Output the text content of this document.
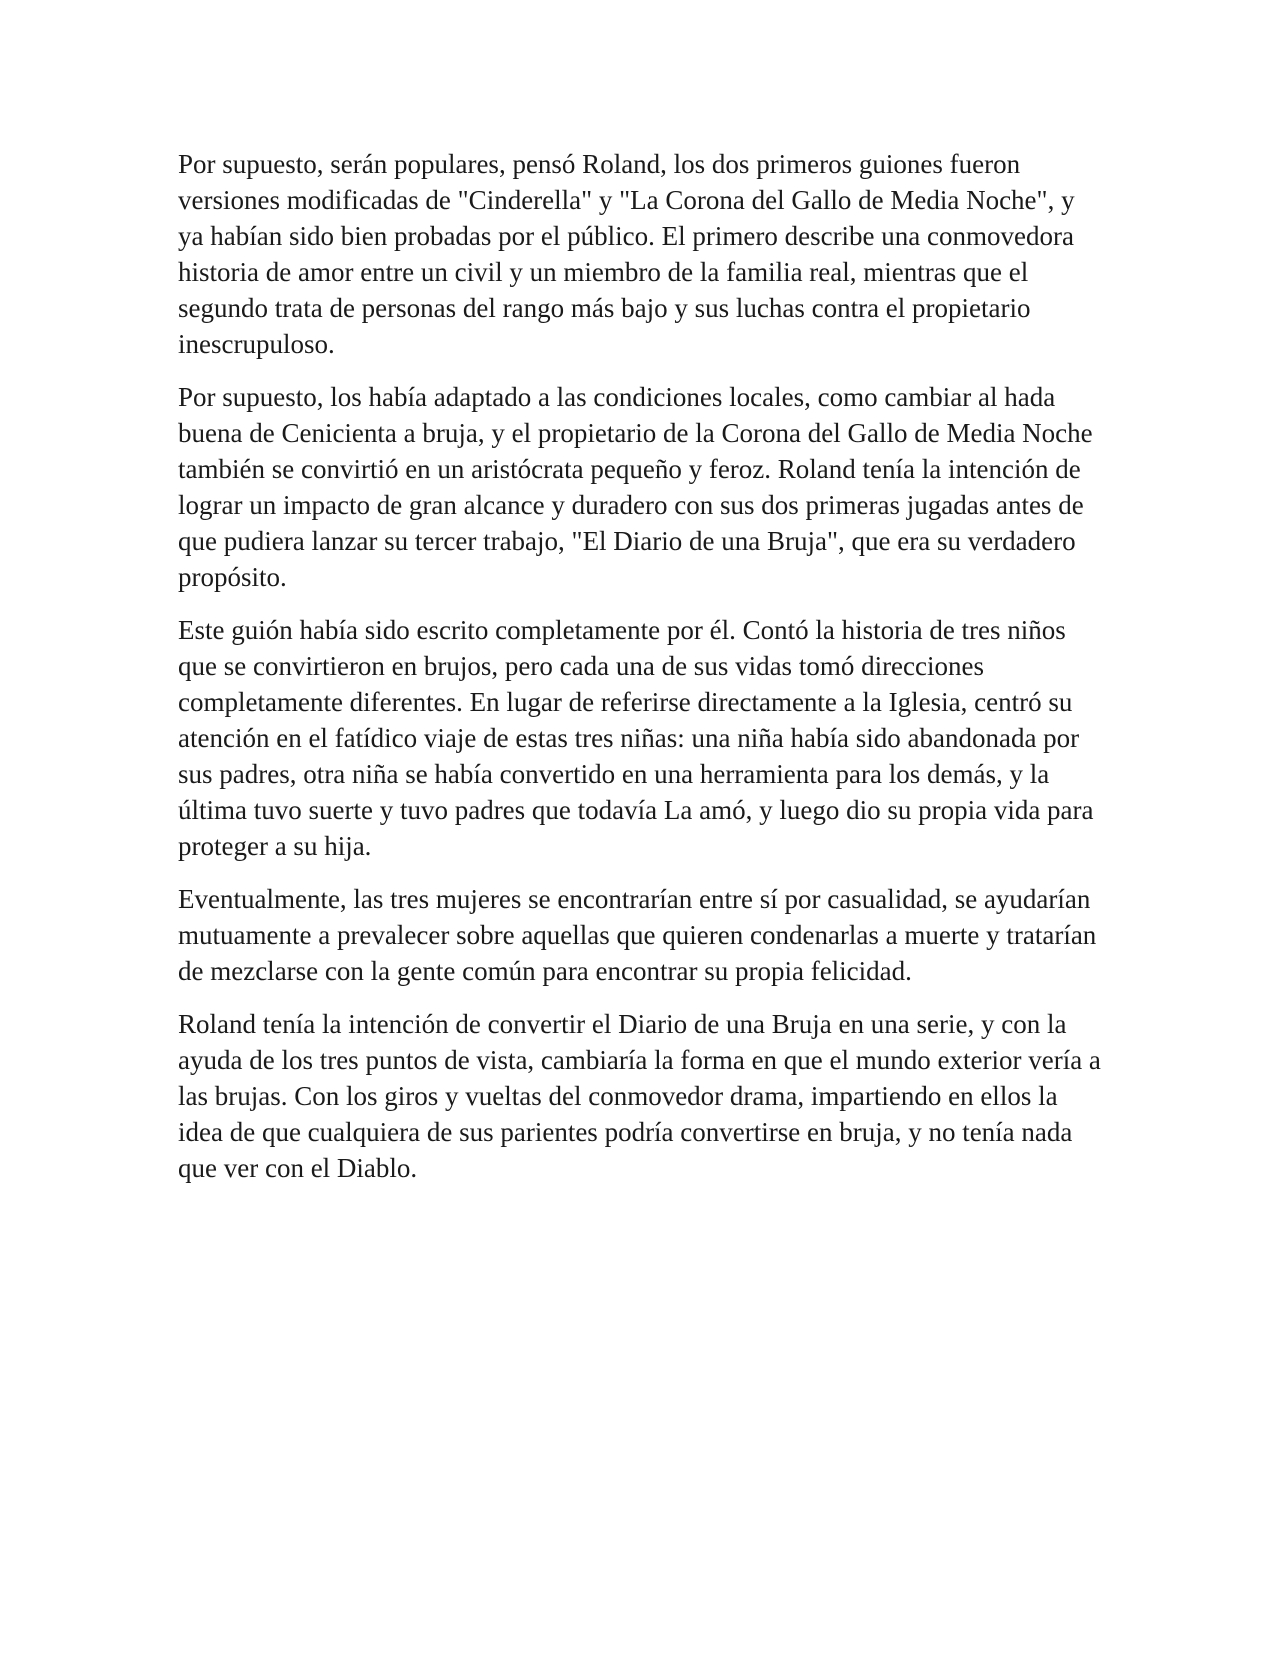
Por supuesto, serán populares, pensó Roland, los dos primeros guiones fueron versiones modificadas de "Cinderella" y "La Corona del Gallo de Media Noche", y ya habían sido bien probadas por el público. El primero describe una conmovedora historia de amor entre un civil y un miembro de la familia real, mientras que el segundo trata de personas del rango más bajo y sus luchas contra el propietario inescrupuloso.

Por supuesto, los había adaptado a las condiciones locales, como cambiar al hada buena de Cenicienta a bruja, y el propietario de la Corona del Gallo de Media Noche también se convirtió en un aristócrata pequeño y feroz. Roland tenía la intención de lograr un impacto de gran alcance y duradero con sus dos primeras jugadas antes de que pudiera lanzar su tercer trabajo, "El Diario de una Bruja", que era su verdadero propósito.

Este guión había sido escrito completamente por él. Contó la historia de tres niños que se convirtieron en brujos, pero cada una de sus vidas tomó direcciones completamente diferentes. En lugar de referirse directamente a la Iglesia, centró su atención en el fatídico viaje de estas tres niñas: una niña había sido abandonada por sus padres, otra niña se había convertido en una herramienta para los demás, y la última tuvo suerte y tuvo padres que todavía La amó, y luego dio su propia vida para proteger a su hija.

Eventualmente, las tres mujeres se encontrarían entre sí por casualidad, se ayudarían mutuamente a prevalecer sobre aquellas que quieren condenarlas a muerte y tratarían de mezclarse con la gente común para encontrar su propia felicidad.

Roland tenía la intención de convertir el Diario de una Bruja en una serie, y con la ayuda de los tres puntos de vista, cambiaría la forma en que el mundo exterior vería a las brujas. Con los giros y vueltas del conmovedor drama, impartiendo en ellos la idea de que cualquiera de sus parientes podría convertirse en bruja, y no tenía nada que ver con el Diablo.
